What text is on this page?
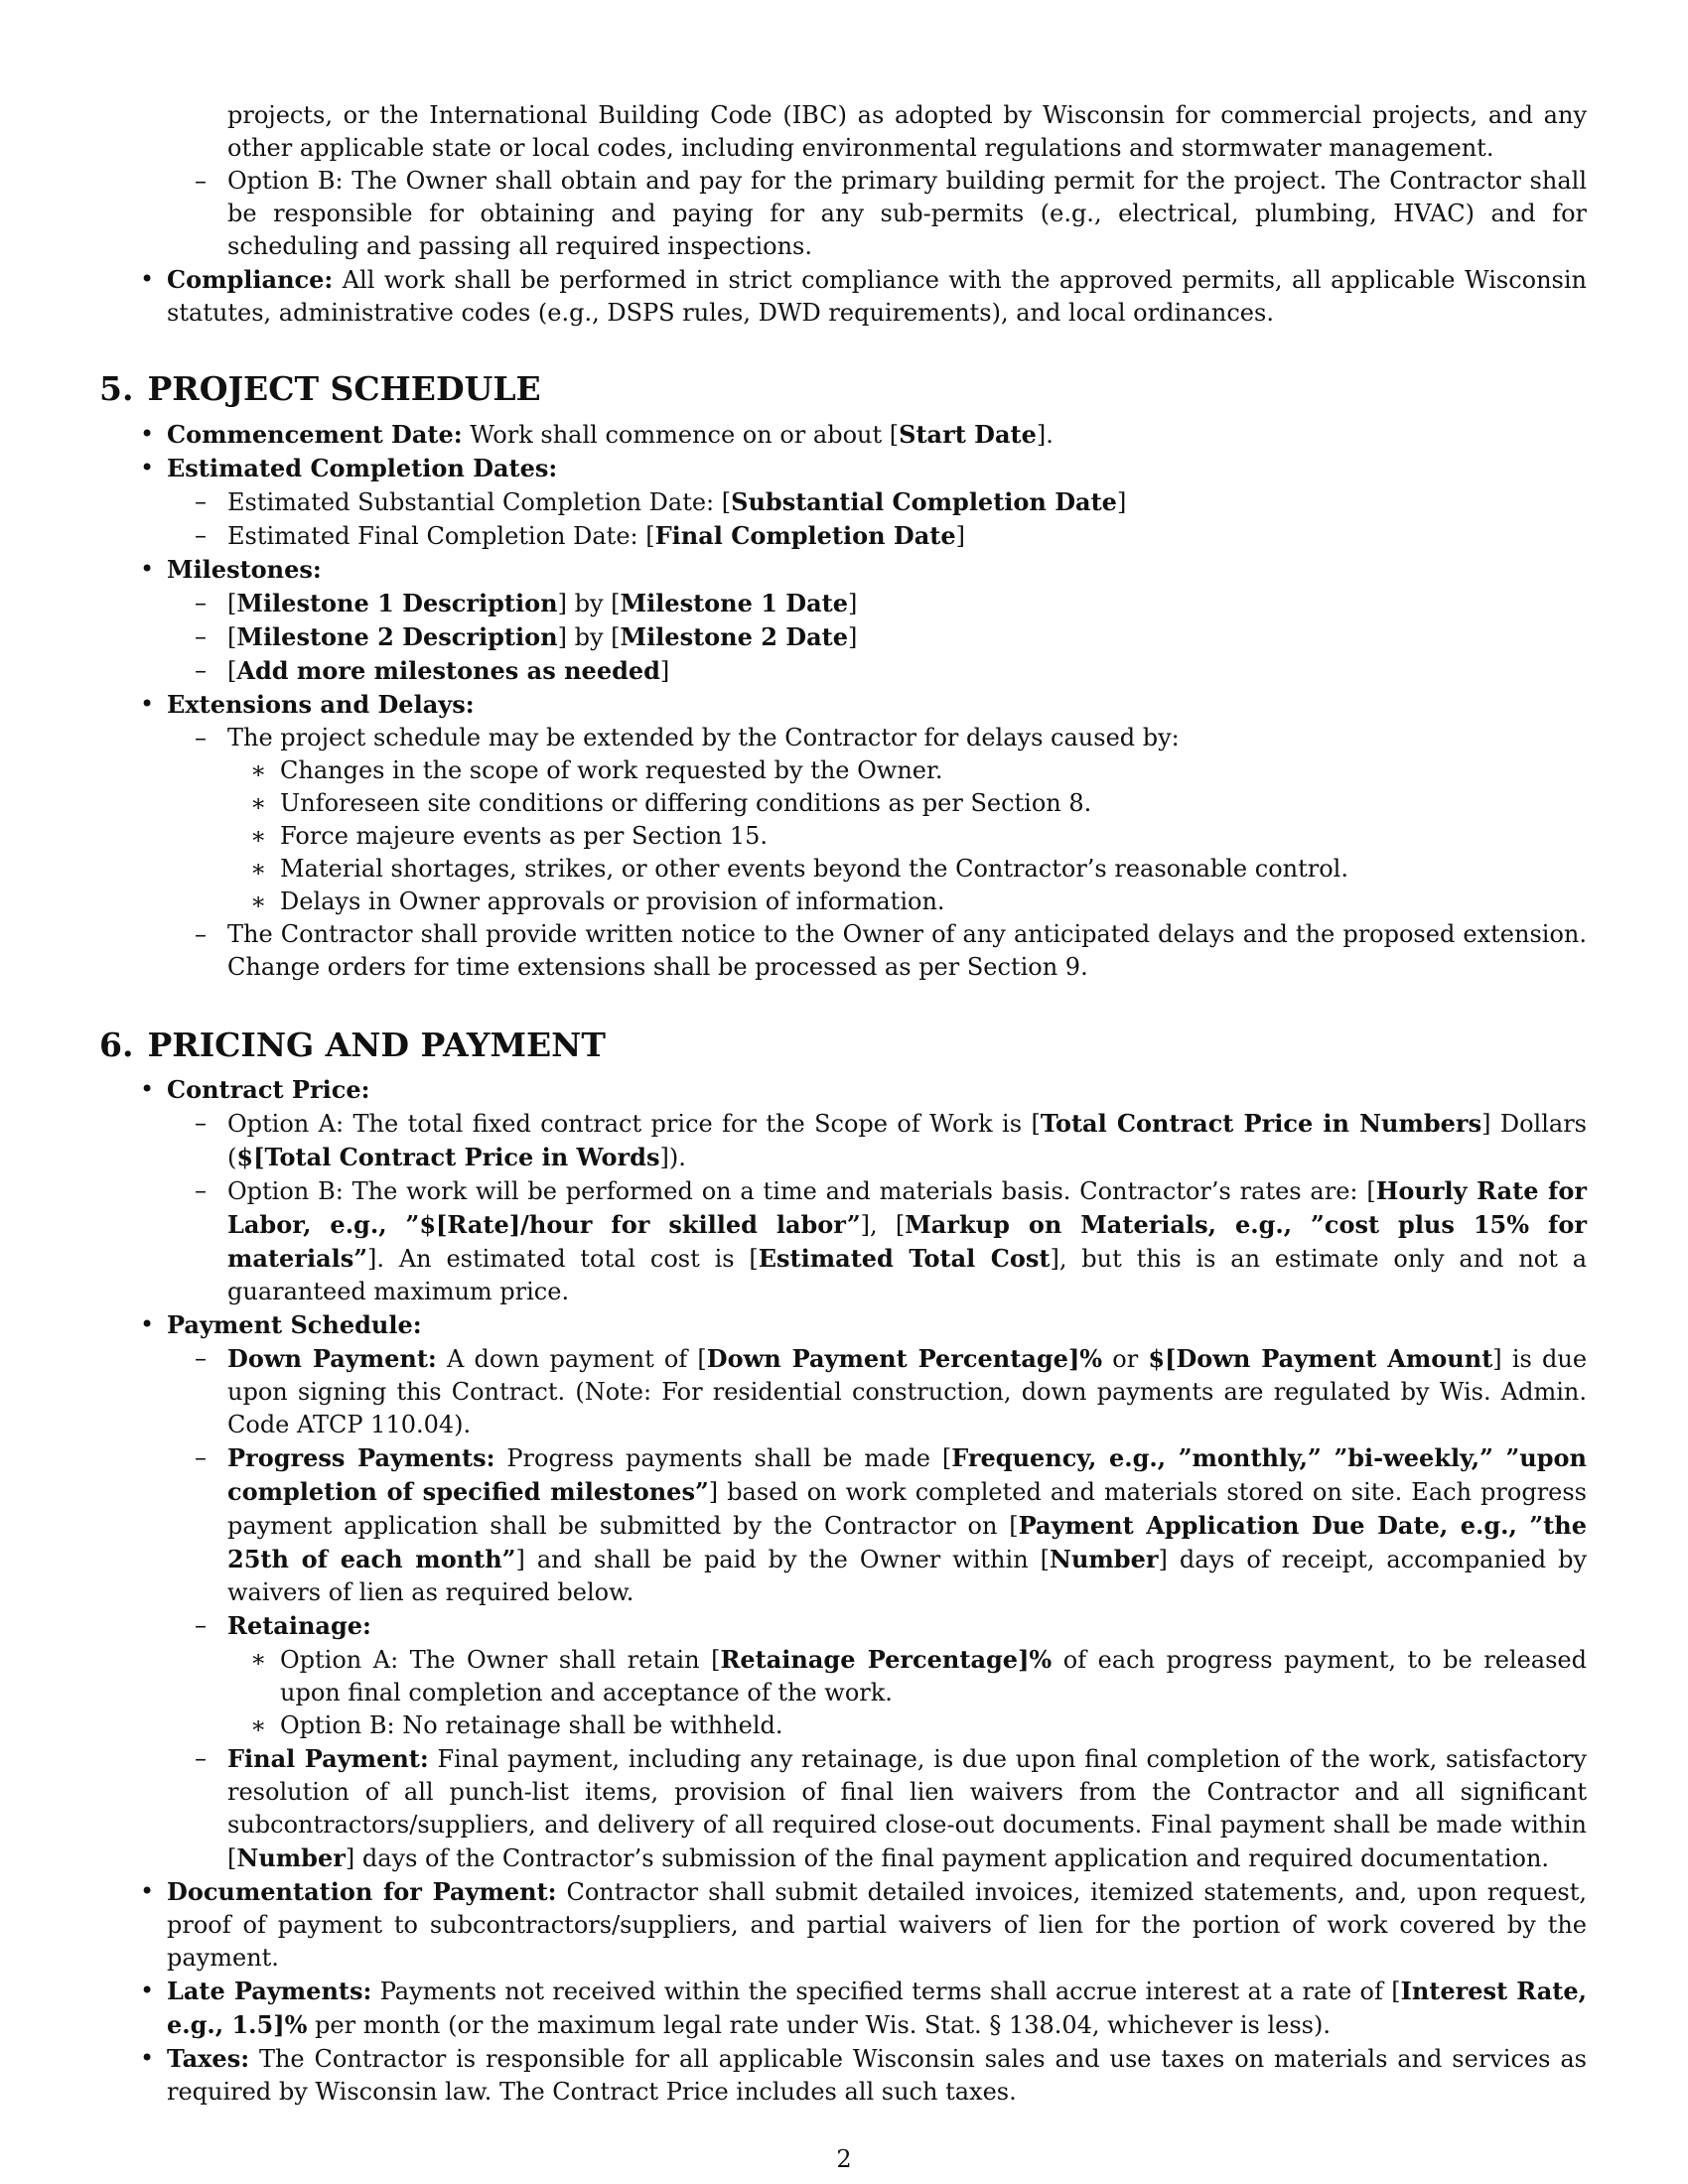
projects, or the International Building Code (IBC) as adopted by Wisconsin for commercial projects, and any other applicable state or local codes, including environmental regulations and stormwater management.
– Option B: The Owner shall obtain and pay for the primary building permit for the project. The Contractor shall be responsible for obtaining and paying for any sub-permits (e.g., electrical, plumbing, HVAC) and for scheduling and passing all required inspections.
• Compliance: All work shall be performed in strict compliance with the approved permits, all applicable Wisconsin statutes, administrative codes (e.g., DSPS rules, DWD requirements), and local ordinances.
5. PROJECT SCHEDULE
• Commencement Date: Work shall commence on or about [Start Date].
• Estimated Completion Dates:
– Estimated Substantial Completion Date: [Substantial Completion Date]
– Estimated Final Completion Date: [Final Completion Date]
• Milestones:
– [Milestone 1 Description] by [Milestone 1 Date]
– [Milestone 2 Description] by [Milestone 2 Date]
– [Add more milestones as needed]
• Extensions and Delays:
– The project schedule may be extended by the Contractor for delays caused by:
∗ Changes in the scope of work requested by the Owner.
∗ Unforeseen site conditions or differing conditions as per Section 8.
∗ Force majeure events as per Section 15.
∗ Material shortages, strikes, or other events beyond the Contractor’s reasonable control.
∗ Delays in Owner approvals or provision of information.
– The Contractor shall provide written notice to the Owner of any anticipated delays and the proposed extension. Change orders for time extensions shall be processed as per Section 9.
6. PRICING AND PAYMENT
• Contract Price:
– Option A: The total fixed contract price for the Scope of Work is [Total Contract Price in Numbers] Dollars ($[Total Contract Price in Words]).
– Option B: The work will be performed on a time and materials basis. Contractor’s rates are: [Hourly Rate for Labor, e.g., ”$[Rate]/hour for skilled labor”], [Markup on Materials, e.g., ”cost plus 15% for materials”]. An estimated total cost is [Estimated Total Cost], but this is an estimate only and not a guaranteed maximum price.
• Payment Schedule:
– Down Payment: A down payment of [Down Payment Percentage]% or $[Down Payment Amount] is due upon signing this Contract. (Note: For residential construction, down payments are regulated by Wis. Admin. Code ATCP 110.04).
– Progress Payments: Progress payments shall be made [Frequency, e.g., ”monthly,” ”bi-weekly,” ”upon completion of specified milestones”] based on work completed and materials stored on site. Each progress payment application shall be submitted by the Contractor on [Payment Application Due Date, e.g., ”the 25th of each month”] and shall be paid by the Owner within [Number] days of receipt, accompanied by waivers of lien as required below.
– Retainage:
∗ Option A: The Owner shall retain [Retainage Percentage]% of each progress payment, to be released upon final completion and acceptance of the work.
∗ Option B: No retainage shall be withheld.
– Final Payment: Final payment, including any retainage, is due upon final completion of the work, satisfactory resolution of all punch-list items, provision of final lien waivers from the Contractor and all significant subcontractors/suppliers, and delivery of all required close-out documents. Final payment shall be made within [Number] days of the Contractor’s submission of the final payment application and required documentation.
• Documentation for Payment: Contractor shall submit detailed invoices, itemized statements, and, upon request, proof of payment to subcontractors/suppliers, and partial waivers of lien for the portion of work covered by the payment.
• Late Payments: Payments not received within the specified terms shall accrue interest at a rate of [Interest Rate, e.g., 1.5]% per month (or the maximum legal rate under Wis. Stat. § 138.04, whichever is less).
• Taxes: The Contractor is responsible for all applicable Wisconsin sales and use taxes on materials and services as required by Wisconsin law. The Contract Price includes all such taxes.
2
